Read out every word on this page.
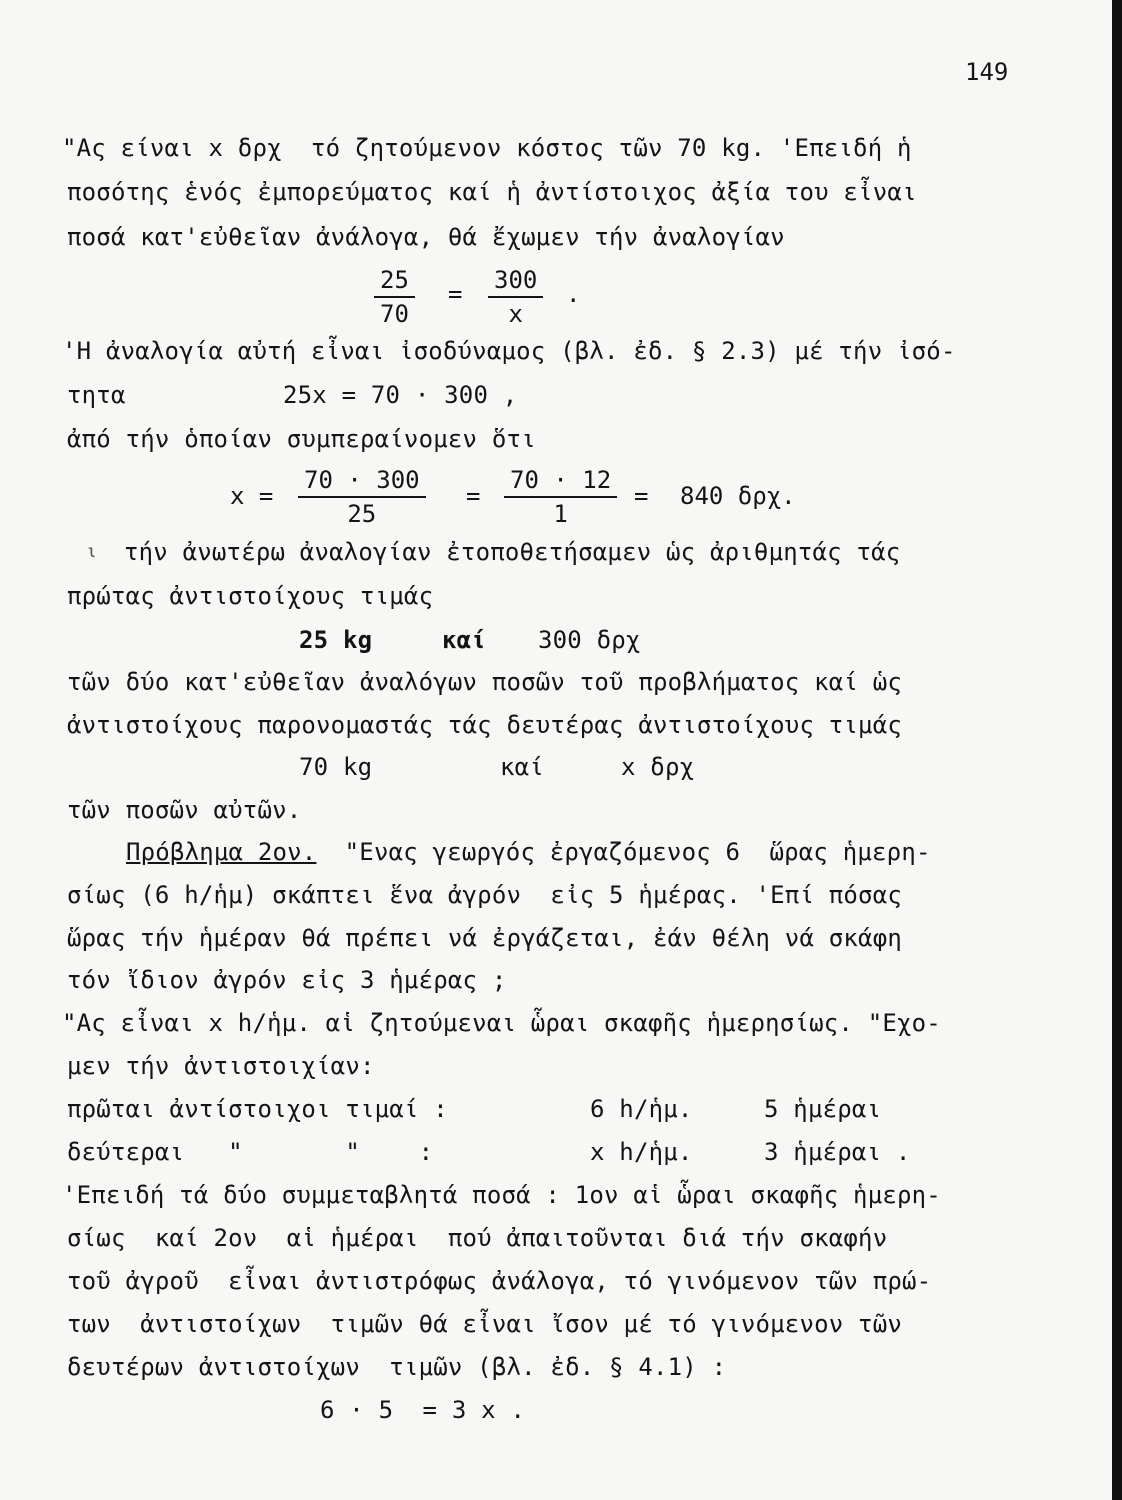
149
"Ας είναι x δρχ  τό ζητούμενον κόστος τῶν 70 kg. 'Επειδή ἡ
ποσότης ἑνός ἐμπορεύματος καί ἡ ἀντίστοιχος ἀξία του εἶναι
ποσά κατ'εὐθεῖαν ἀνάλογα, θά ἔχωμεν τήν ἀναλογίαν
$\frac{25}{70} = \frac{300}{x}$ .
'Η ἀναλογία αὐτή εἶναι ἰσοδύναμος (βλ. ἐδ. § 2.3) μέ τήν ἰσό-
τητα	25x = 70 · 300 ,
ἀπό τήν ὁποίαν συμπεραίνομεν ὅτι
$x = \frac{70 \cdot 300}{25} = \frac{70 \cdot 12}{1} = 840$ δρχ.
ι τήν ἀνωτέρω ἀναλογίαν ἐτοποθετήσαμεν ὡς ἀριθμητάς τάς
πρώτας ἀντιστοίχους τιμάς
25 kg	καί 300 δρχ
τῶν δύο κατ'εὐθεῖαν ἀναλόγων ποσῶν τοῦ προβλήματος καί ὡς
ἀντιστοίχους παρονομαστάς τάς δευτέρας ἀντιστοίχους τιμάς
70 kg	καί	x δρχ
τῶν ποσῶν αὐτῶν.
Πρόβλημα 2ον. "Ενας γεωργός ἐργαζόμενος 6  ὥρας ἡμερη-
σίως (6 h/ἡμ) σκάπτει ἕνα ἀγρόν  εἰς 5 ἡμέρας. 'Επί πόσας
ὥρας τήν ἡμέραν θά πρέπει νά ἐργάζεται, ἐάν θέλη νά σκάφη
τόν ἴδιον ἀγρόν εἰς 3 ἡμέρας ;
"Ας εἶναι x h/ἡμ. αἱ ζητούμεναι ὧραι σκαφῆς ἡμερησίως. "Εχο-
μεν τήν ἀντιστοιχίαν:
πρῶται ἀντίστοιχοι τιμαί :	6 h/ἡμ.	5 ἡμέραι
δεύτεραι   "       "    :	x h/ἡμ.	3 ἡμέραι .
'Επειδή τά δύο συμμεταβλητά ποσά : 1ον αἱ ὧραι σκαφῆς ἡμερη-
σίως  καί 2ον  αἱ ἡμέραι  πού ἀπαιτοῦνται διά τήν σκαφήν
τοῦ ἀγροῦ  εἶναι ἀντιστρόφως ἀνάλογα, τό γινόμενον τῶν πρώ-
των  ἀντιστοίχων  τιμῶν θά εἶναι ἴσον μέ τό γινόμενον τῶν
δευτέρων ἀντιστοίχων  τιμῶν (βλ. ἐδ. § 4.1) :
6 · 5  = 3 x .
